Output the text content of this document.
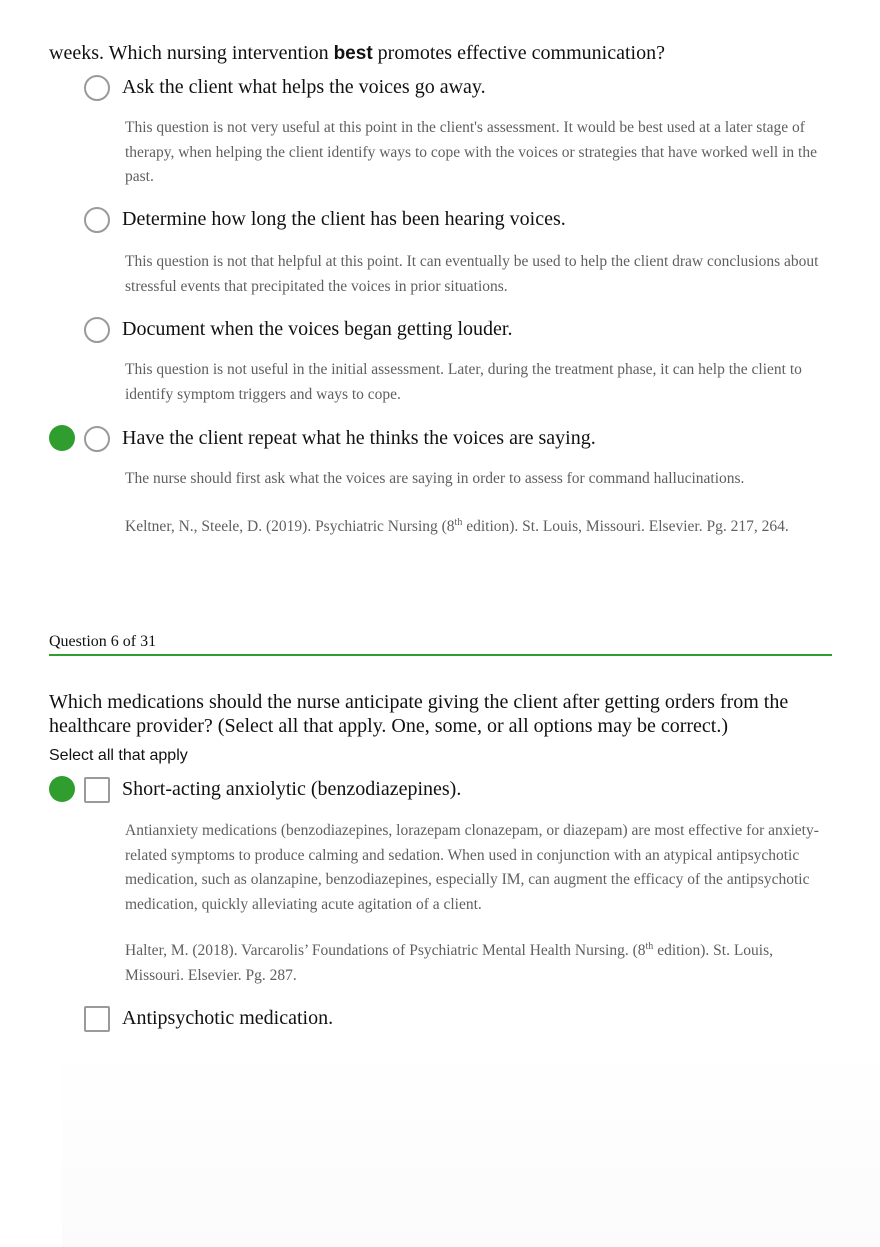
weeks. Which nursing intervention best promotes effective communication?
Ask the client what helps the voices go away.
This question is not very useful at this point in the client's assessment. It would be best used at a later stage of therapy, when helping the client identify ways to cope with the voices or strategies that have worked well in the past.
Determine how long the client has been hearing voices.
This question is not that helpful at this point. It can eventually be used to help the client draw conclusions about stressful events that precipitated the voices in prior situations.
Document when the voices began getting louder.
This question is not useful in the initial assessment. Later, during the treatment phase, it can help the client to identify symptom triggers and ways to cope.
Have the client repeat what he thinks the voices are saying.
The nurse should first ask what the voices are saying in order to assess for command hallucinations.
Keltner, N., Steele, D. (2019). Psychiatric Nursing (8th edition). St. Louis, Missouri. Elsevier. Pg. 217, 264.
Question 6 of 31
Which medications should the nurse anticipate giving the client after getting orders from the healthcare provider? (Select all that apply. One, some, or all options may be correct.)
Select all that apply
Short-acting anxiolytic (benzodiazepines).
Antianxiety medications (benzodiazepines, lorazepam clonazepam, or diazepam) are most effective for anxiety-related symptoms to produce calming and sedation. When used in conjunction with an atypical antipsychotic medication, such as olanzapine, benzodiazepines, especially IM, can augment the efficacy of the antipsychotic medication, quickly alleviating acute agitation of a client.
Halter, M. (2018). Varcarolis’ Foundations of Psychiatric Mental Health Nursing. (8th edition). St. Louis, Missouri. Elsevier. Pg. 287.
Antipsychotic medication.
